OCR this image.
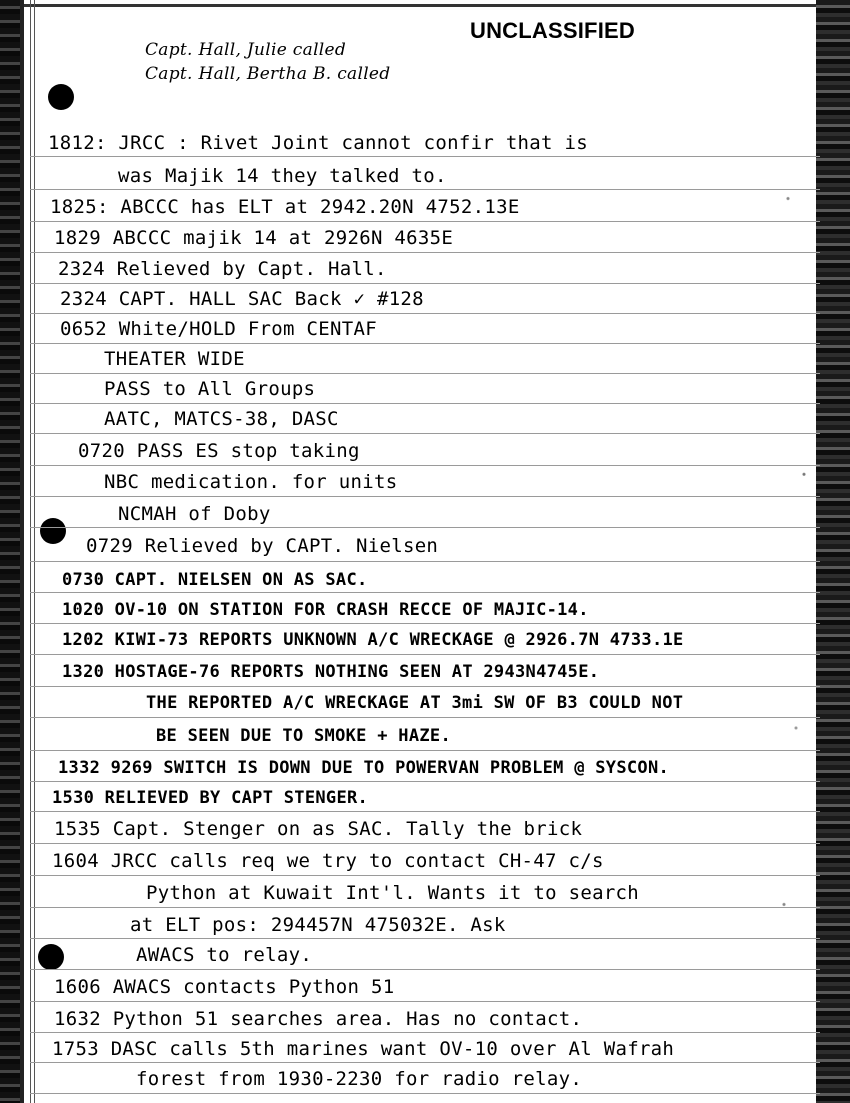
UNCLASSIFIED
Capt. Hall, Julie called
Capt. Hall, Bertha B. called
1812: JRCC : Rivet Joint cannot confir that is
was Majik 14 they talked to.
1825: ABCCC has ELT at 2942.20N 4752.13E
1829 ABCCC majik 14 at 2926N 4635E
2324 Relieved by Capt. Hall.
2324 CAPT. HALL SAC Back ✓ #128
0652 White/HOLD From CENTAF
THEATER WIDE
PASS to All Groups
AATC, MATCS-38, DASC
0720 PASS ES stop taking
NBC medication. for units
NCMAH of Doby
0729 Relieved by CAPT. Nielsen
0730 CAPT. NIELSEN ON AS SAC.
1020 OV-10 ON STATION FOR CRASH RECCE OF MAJIC-14.
1202 KIWI-73 REPORTS UNKNOWN A/C WRECKAGE @ 2926.7N 4733.1E
1320 HOSTAGE-76 REPORTS NOTHING SEEN AT 2943N4745E.
THE REPORTED A/C WRECKAGE AT 3mi SW OF B3 COULD NOT
BE SEEN DUE TO SMOKE + HAZE.
1332 9269 SWITCH IS DOWN DUE TO POWERVAN PROBLEM @ SYSCON.
1530 RELIEVED BY CAPT STENGER.
1535 Capt. Stenger on as SAC. Tally the brick
1604 JRCC calls req we try to contact CH-47 c/s
Python at Kuwait Int'l. Wants it to search
at ELT pos: 294457N 475032E. Ask
AWACS to relay.
1606 AWACS contacts Python 51
1632 Python 51 searches area. Has no contact.
1753 DASC calls 5th marines want OV-10 over Al Wafrah
forest from 1930-2230 for radio relay.
